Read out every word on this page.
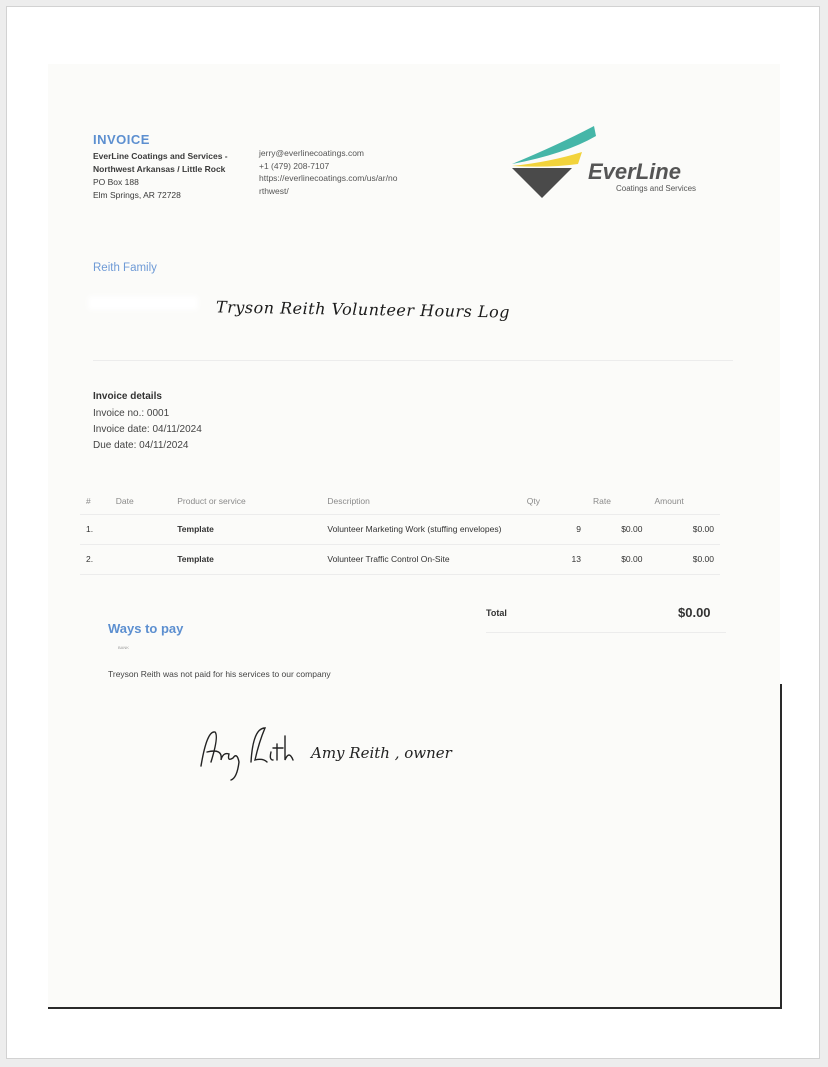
INVOICE
EverLine Coatings and Services -
Northwest Arkansas / Little Rock
PO Box 188
Elm Springs, AR 72728
jerry@everlinecoatings.com
+1 (479) 208-7107
https://everlinecoatings.com/us/ar/northwest/
EverLine
Coatings and Services
Reith Family
Tryson Reith Volunteer Hours Log
Invoice details
Invoice no.: 0001
Invoice date: 04/11/2024
Due date: 04/11/2024
#	Date	Product or service	Description	Qty	Rate	Amount
1.		Template	Volunteer Marketing Work (stuffing envelopes)	9	$0.00	$0.00
2.		Template	Volunteer Traffic Control On-Site	13	$0.00	$0.00
Total	$0.00
Ways to pay
BANK
Treyson Reith was not paid for his services to our company
Amy Reith , owner
